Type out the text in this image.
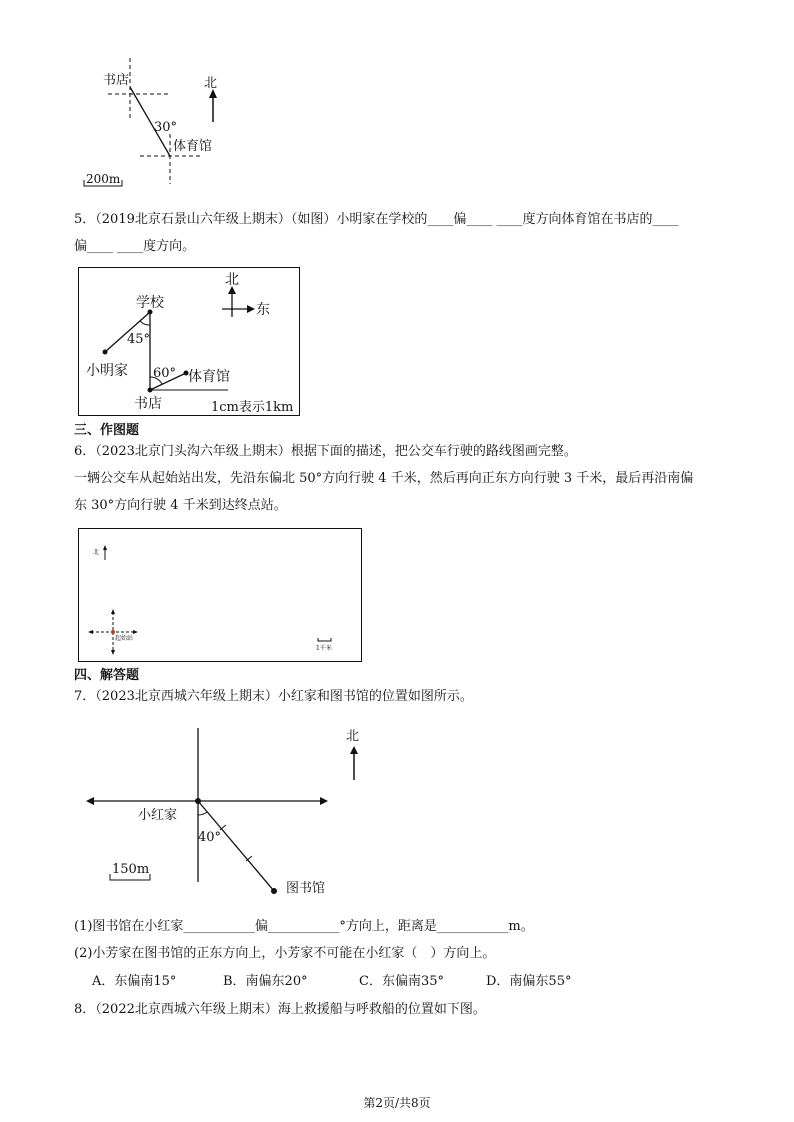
书店	北
30°
体育馆
200m
5．（2019北京石景山六年级上期末）（如图）小明家在学校的____偏____ ____度方向体育馆在书店的____
偏____ ____度方向。
北
东
学校
45°
小明家 60° 体育馆
书店	1cm表示1km
三、作图题
6．（2023北京门头沟六年级上期末）根据下面的描述，把公交车行驶的路线图画完整。
一辆公交车从起始站出发，先沿东偏北 50°方向行驶 4 千米，然后再向正东方向行驶 3 千米，最后再沿南偏
东 30°方向行驶 4 千米到达终点站。
北
起始站
1千米
四、解答题
7．（2023北京西城六年级上期末）小红家和图书馆的位置如图所示。
北
小红家
40°
150m
图书馆
(1)图书馆在小红家___________偏___________°方向上，距离是___________m。
(2)小芳家在图书馆的正东方向上，小芳家不可能在小红家（　）方向上。
A．东偏南15°	B．南偏东20°	C．东偏南35°	D．南偏东55°
8．（2022北京西城六年级上期末）海上救援船与呼救船的位置如下图。
第2页/共8页
